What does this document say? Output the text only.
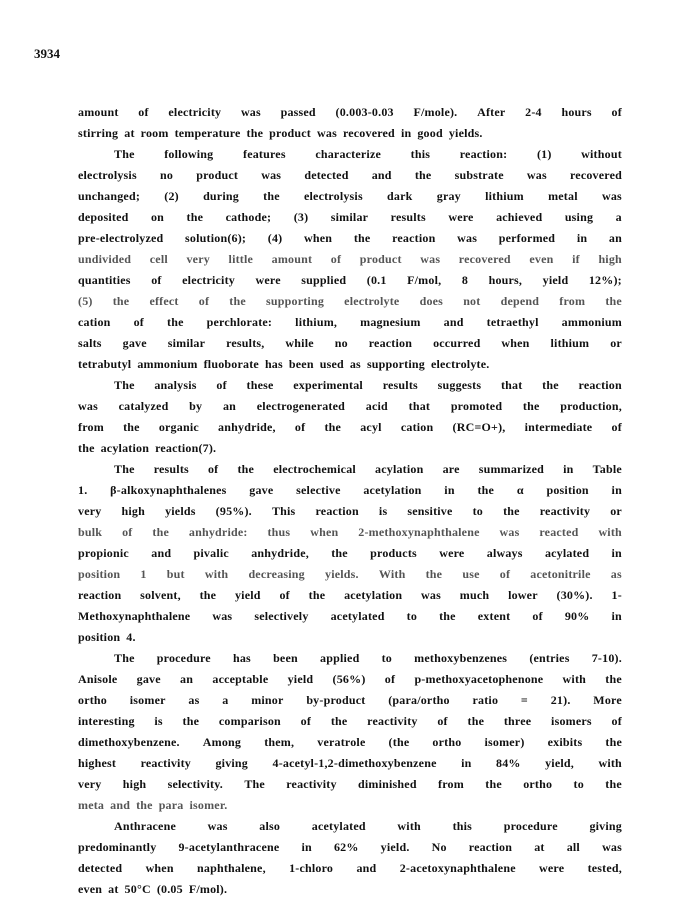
3934
amount of electricity was passed (0.003-0.03 F/mole). After 2-4 hours of
stirring at room temperature the product was recovered in good yields.
The following features characterize this reaction: (1) without
electrolysis no product was detected and the substrate was recovered
unchanged; (2) during the electrolysis dark gray lithium metal was
deposited on the cathode; (3) similar results were achieved using a
pre-electrolyzed solution(6); (4) when the reaction was performed in an
undivided cell very little amount of product was recovered even if high
quantities of electricity were supplied (0.1 F/mol, 8 hours, yield 12%);
(5) the effect of the supporting electrolyte does not depend from the
cation of the perchlorate: lithium, magnesium and tetraethyl ammonium
salts gave similar results, while no reaction occurred when lithium or
tetrabutyl ammonium fluoborate has been used as supporting electrolyte.
The analysis of these experimental results suggests that the reaction
was catalyzed by an electrogenerated acid that promoted the production,
from the organic anhydride, of the acyl cation (RC=O+), intermediate of
the acylation reaction(7).
The results of the electrochemical acylation are summarized in Table
1. β-alkoxynaphthalenes gave selective acetylation in the α position in
very high yields (95%). This reaction is sensitive to the reactivity or
bulk of the anhydride: thus when 2-methoxynaphthalene was reacted with
propionic and pivalic anhydride, the products were always acylated in
position 1 but with decreasing yields. With the use of acetonitrile as
reaction solvent, the yield of the acetylation was much lower (30%). 1-
Methoxynaphthalene was selectively acetylated to the extent of 90% in
position 4.
The procedure has been applied to methoxybenzenes (entries 7-10).
Anisole gave an acceptable yield (56%) of p-methoxyacetophenone with the
ortho isomer as a minor by-product (para/ortho ratio = 21). More
interesting is the comparison of the reactivity of the three isomers of
dimethoxybenzene. Among them, veratrole (the ortho isomer) exibits the
highest reactivity giving 4-acetyl-1,2-dimethoxybenzene in 84% yield, with
very high selectivity. The reactivity diminished from the ortho to the
meta and the para isomer.
Anthracene	was	also	acetylated	with	this	procedure	giving
predominantly 9-acetylanthracene in 62% yield. No reaction at all was
detected when naphthalene, 1-chloro and 2-acetoxynaphthalene were tested,
even at 50°C (0.05 F/mol).
